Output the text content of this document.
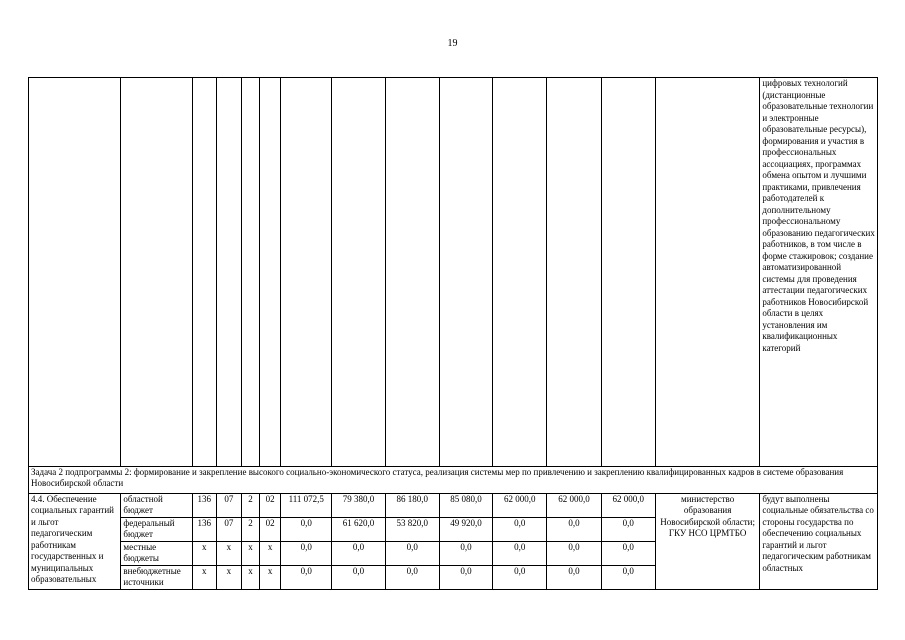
19
														цифровых технологий (дистанционные образовательные технологии и электронные образовательные ресурсы), формирования и участия в профессиональных ассоциациях, программах обмена опытом и лучшими практиками, привлечения работодателей к дополнительному профессиональному образованию педагогических работников, в том числе в форме стажировок; создание автоматизированной системы для проведения аттестации педагогических работников Новосибирской области в целях установления им квалификационных категорий
Задача 2 подпрограммы 2: формирование и закрепление высокого социально-экономического статуса, реализация системы мер по привлечению и закреплению квалифицированных кадров в системе образования Новосибирской области														
4.4. Обеспечение социальных гарантий и льгот педагогическим работникам государственных и муниципальных образовательных	областной бюджет	136	07	2	02	111 072,5	79 380,0	86 180,0	85 080,0	62 000,0	62 000,0	62 000,0	министерство образования Новосибирской области; ГКУ НСО ЦРМТБО	будут выполнены социальные обязательства со стороны государства по обеспечению социальных гарантий и льгот педагогическим работникам областных
	федеральный бюджет	136	07	2	02	0,0	61 620,0	53 820,0	49 920,0	0,0	0,0	0,0		
	местные бюджеты	х	х	х	х	0,0	0,0	0,0	0,0	0,0	0,0	0,0		
	внебюджетные источники	х	х	х	х	0,0	0,0	0,0	0,0	0,0	0,0	0,0		
